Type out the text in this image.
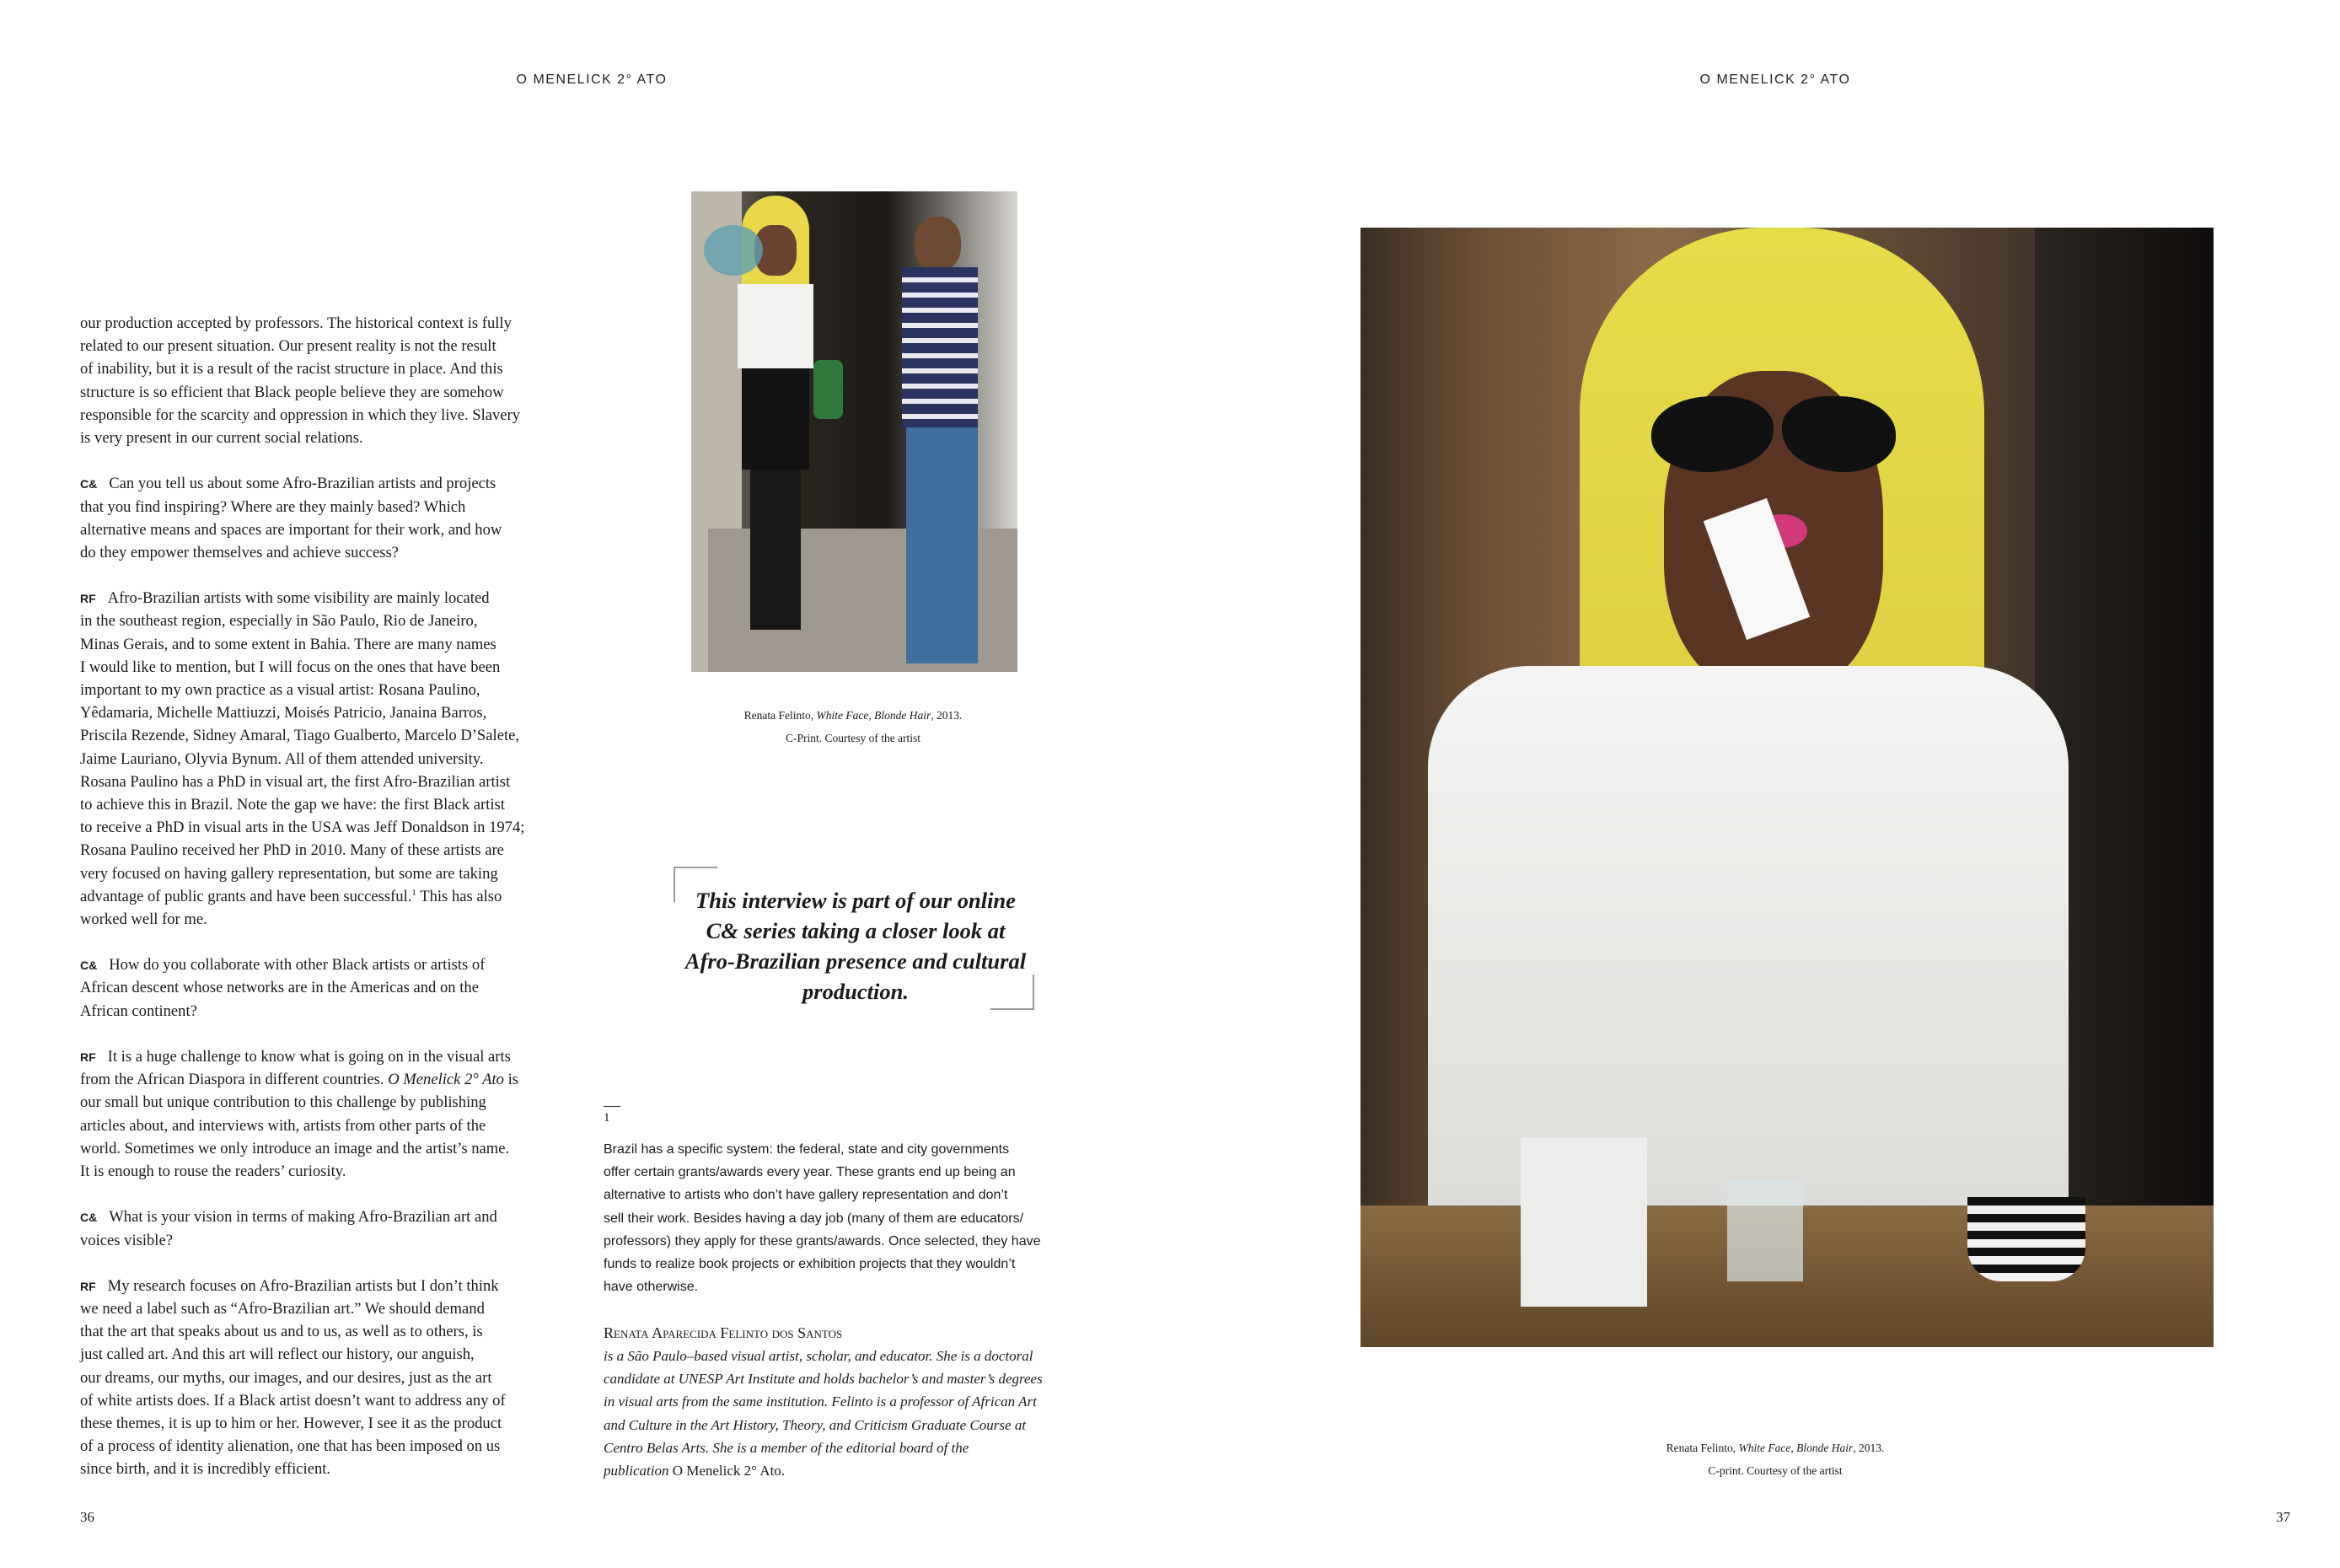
O MENELICK 2° ATO	O MENELICK 2° ATO
our production accepted by professors. The historical context is fully
related to our present situation. Our present reality is not the result
of inability, but it is a result of the racist structure in place. And this
structure is so efficient that Black people believe they are somehow
responsible for the scarcity and oppression in which they live. Slavery
is very present in our current social relations.
C& Can you tell us about some Afro-Brazilian artists and projects
that you find inspiring? Where are they mainly based? Which
alternative means and spaces are important for their work, and how
do they empower themselves and achieve success?
RF Afro-Brazilian artists with some visibility are mainly located
in the southeast region, especially in São Paulo, Rio de Janeiro,
Minas Gerais, and to some extent in Bahia. There are many names
I would like to mention, but I will focus on the ones that have been
important to my own practice as a visual artist: Rosana Paulino,
Yêdamaria, Michelle Mattiuzzi, Moisés Patricio, Janaina Barros,
Priscila Rezende, Sidney Amaral, Tiago Gualberto, Marcelo D’Salete,
Jaime Lauriano, Olyvia Bynum. All of them attended university.
Rosana Paulino has a PhD in visual art, the first Afro-Brazilian artist
to achieve this in Brazil. Note the gap we have: the first Black artist
to receive a PhD in visual arts in the USA was Jeff Donaldson in 1974;
Rosana Paulino received her PhD in 2010. Many of these artists are
very focused on having gallery representation, but some are taking
advantage of public grants and have been successful.$^1$ This has also
worked well for me.
C& How do you collaborate with other Black artists or artists of
African descent whose networks are in the Americas and on the
African continent?
RF It is a huge challenge to know what is going on in the visual arts
from the African Diaspora in different countries. O Menelick 2° Ato is
our small but unique contribution to this challenge by publishing
articles about, and interviews with, artists from other parts of the
world. Sometimes we only introduce an image and the artist’s name.
It is enough to rouse the readers’ curiosity.
C& What is your vision in terms of making Afro-Brazilian art and
voices visible?
RF My research focuses on Afro-Brazilian artists but I don’t think
we need a label such as “Afro-Brazilian art.” We should demand
that the art that speaks about us and to us, as well as to others, is
just called art. And this art will reflect our history, our anguish,
our dreams, our myths, our images, and our desires, just as the art
of white artists does. If a Black artist doesn’t want to address any of
these themes, it is up to him or her. However, I see it as the product
of a process of identity alienation, one that has been imposed on us
since birth, and it is incredibly efficient.
Renata Felinto, White Face, Blonde Hair, 2013.
C-Print. Courtesy of the artist
This interview is part of our online
C& series taking a closer look at
Afro-Brazilian presence and cultural
production.
1
Brazil has a specific system: the federal, state and city governments
offer certain grants/awards every year. These grants end up being an
alternative to artists who don’t have gallery representation and don’t
sell their work. Besides having a day job (many of them are educators/
professors) they apply for these grants/awards. Once selected, they have
funds to realize book projects or exhibition projects that they wouldn’t
have otherwise.
Renata Aparecida Felinto dos Santos
is a São Paulo–based visual artist, scholar, and educator. She is a doctoral
candidate at UNESP Art Institute and holds bachelor’s and master’s degrees
in visual arts from the same institution. Felinto is a professor of African Art
and Culture in the Art History, Theory, and Criticism Graduate Course at
Centro Belas Arts. She is a member of the editorial board of the
publication O Menelick 2° Ato.
Renata Felinto, White Face, Blonde Hair, 2013.
C-print. Courtesy of the artist
36	37
